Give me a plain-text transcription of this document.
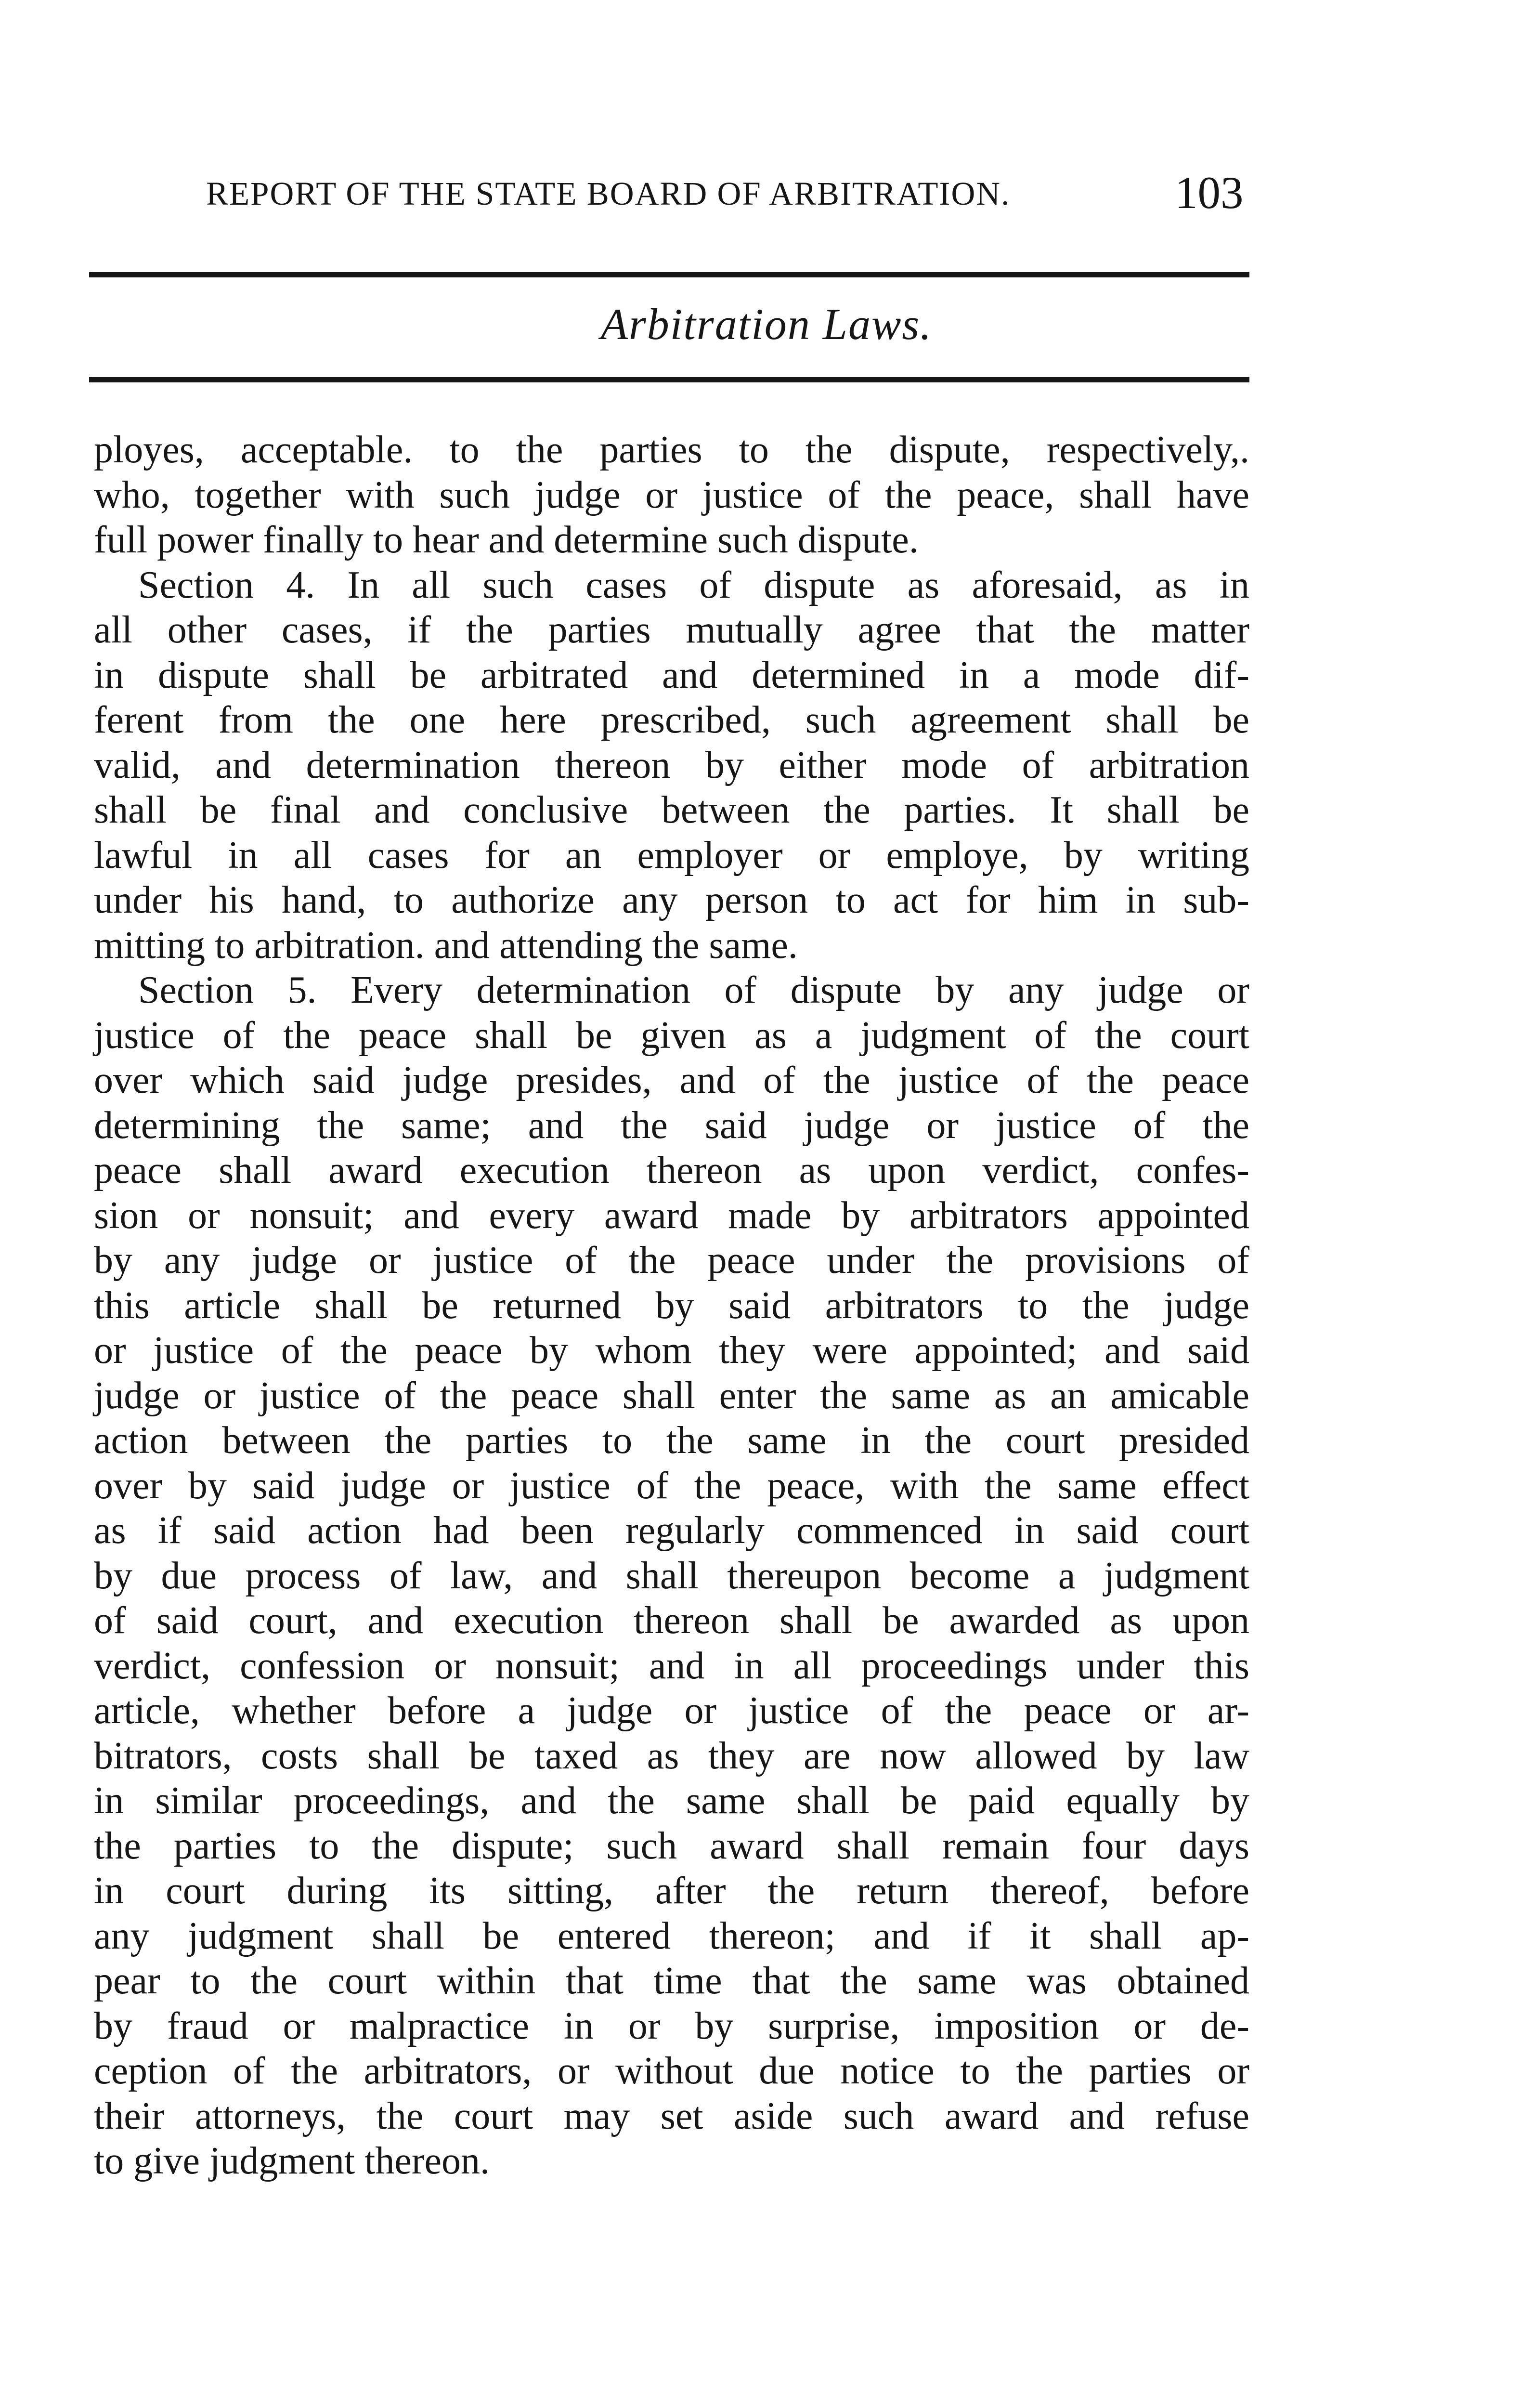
REPORT OF THE STATE BOARD OF ARBITRATION.	103
Arbitration Laws.
ployes, acceptable. to the parties to the dispute, respectively,.
who, together with such judge or justice of the peace, shall have
full power finally to hear and determine such dispute.
Section 4. In all such cases of dispute as aforesaid, as in
all other cases, if the parties mutually agree that the matter
in dispute shall be arbitrated and determined in a mode dif-
ferent from the one here prescribed, such agreement shall be
valid, and determination thereon by either mode of arbitration
shall be final and conclusive between the parties. It shall be
lawful in all cases for an employer or employe, by writing
under his hand, to authorize any person to act for him in sub-
mitting to arbitration. and attending the same.
Section 5. Every determination of dispute by any judge or
justice of the peace shall be given as a judgment of the court
over which said judge presides, and of the justice of the peace
determining the same; and the said judge or justice of the
peace shall award execution thereon as upon verdict, confes-
sion or nonsuit; and every award made by arbitrators appointed
by any judge or justice of the peace under the provisions of
this article shall be returned by said arbitrators to the judge
or justice of the peace by whom they were appointed; and said
judge or justice of the peace shall enter the same as an amicable
action between the parties to the same in the court presided
over by said judge or justice of the peace, with the same effect
as if said action had been regularly commenced in said court
by due process of law, and shall thereupon become a judgment
of said court, and execution thereon shall be awarded as upon
verdict, confession or nonsuit; and in all proceedings under this
article, whether before a judge or justice of the peace or ar-
bitrators, costs shall be taxed as they are now allowed by law
in similar proceedings, and the same shall be paid equally by
the parties to the dispute; such award shall remain four days
in court during its sitting, after the return thereof, before
any judgment shall be entered thereon; and if it shall ap-
pear to the court within that time that the same was obtained
by fraud or malpractice in or by surprise, imposition or de-
ception of the arbitrators, or without due notice to the parties or
their attorneys, the court may set aside such award and refuse
to give judgment thereon.
